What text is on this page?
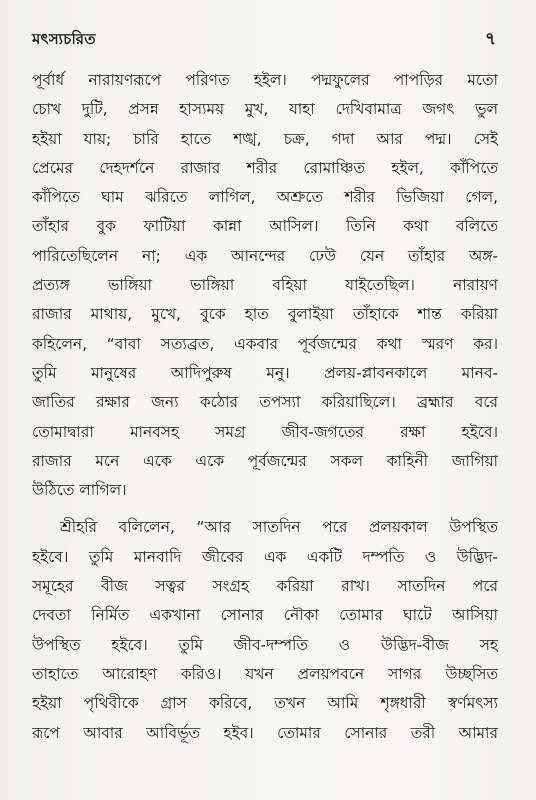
মৎস্যচরিত	৭

পূর্বার্ধ নারায়ণরূপে পরিণত হইল। পদ্মফুলের পাপড়ির মতো

চোখ দুটি, প্রসন্ন হাস্যময় মুখ, যাহা দেখিবামাত্র জগৎ ভুল

হইয়া যায়; চারি হাতে শঙ্খ, চক্র, গদা আর পদ্ম। সেই

প্রেমের দেহদর্শনে রাজার শরীর রোমাঞ্চিত হইল, কাঁপিতে

কাঁপিতে ঘাম ঝরিতে লাগিল, অশ্রুতে শরীর ভিজিয়া গেল,

তাঁহার বুক ফাটিয়া কান্না আসিল। তিনি কথা বলিতে

পারিতেছিলেন না; এক আনন্দের ঢেউ যেন তাঁহার অঙ্গ-

প্রত্যঙ্গ ভাঙ্গিয়া ভাঙ্গিয়া বহিয়া যাইতেছিল। নারায়ণ

রাজার মাথায়, মুখে, বুকে হাত বুলাইয়া তাঁহাকে শান্ত করিয়া

কহিলেন, “বাবা সত্যব্রত, একবার পূর্বজন্মের কথা স্মরণ কর।

তুমি মানুষের আদিপুরুষ মনু। প্রলয়-প্লাবনকালে মানব-

জাতির রক্ষার জন্য কঠোর তপস্যা করিয়াছিলে। ব্রহ্মার বরে

তোমাদ্বারা মানবসহ সমগ্র জীব-জগতের রক্ষা হইবে।

রাজার মনে একে একে পূর্বজন্মের সকল কাহিনী জাগিয়া

উঠিতে লাগিল।

শ্রীহরি বলিলেন, “আর সাতদিন পরে প্রলয়কাল উপস্থিত

হইবে। তুমি মানবাদি জীবের এক একটি দম্পতি ও উদ্ভিদ-

সমূহের বীজ সত্বর সংগ্রহ করিয়া রাখ। সাতদিন পরে

দেবতা নির্মিত একখানা সোনার নৌকা তোমার ঘাটে আসিয়া

উপস্থিত হইবে। তুমি জীব-দম্পতি ও উদ্ভিদ-বীজ সহ

তাহাতে আরোহণ করিও। যখন প্রলয়পবনে সাগর উচ্ছসিত

হইয়া পৃথিবীকে গ্রাস করিবে, তখন আমি শৃঙ্গধারী স্বর্ণমৎস্য

রূপে আবার আবির্ভূত হইব। তোমার সোনার তরী আমার
